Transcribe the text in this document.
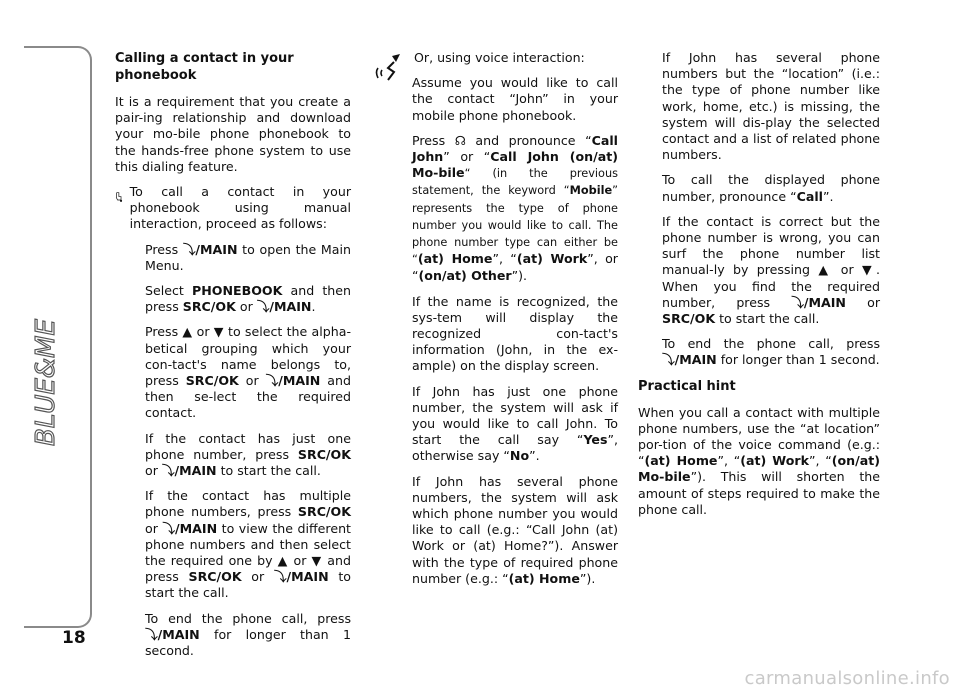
BLUE&ME
18
Calling a contact in your phonebook

It is a requirement that you create a pair-ing relationship and download your mo-bile phone phonebook to the hands-free phone system to use this dialing feature.

To call a contact in your phonebook using manual interaction, proceed as follows:

Press ⤵/MAIN to open the Main Menu.

Select PHONEBOOK and then press SRC/OK or ⤵/MAIN.

Press ▲ or ▼ to select the alpha-betical grouping which your con-tact's name belongs to, press SRC/OK or ⤵/MAIN and then se-lect the required contact.

If the contact has just one phone number, press SRC/OK or ⤵/MAIN to start the call.

If the contact has multiple phone numbers, press SRC/OK or ⤵/MAIN to view the different phone numbers and then select the required one by ▲ or ▼ and press SRC/OK or ⤵/MAIN to start the call.

To end the phone call, press ⤵/MAIN for longer than 1 second.

Or, using voice interaction:

Assume you would like to call the contact “John” in your mobile phone phonebook.

Press ☊ and pronounce “Call John” or “Call John (on/at) Mo-bile“ (in the previous statement, the keyword “Mobile” represents the type of phone number you would like to call. The phone number type can either be “(at) Home”, “(at) Work”, or “(on/at) Other”).

If the name is recognized, the sys-tem will display the recognized con-tact's information (John, in the ex-ample) on the display screen.

If John has just one phone number, the system will ask if you would like to call John. To start the call say “Yes”, otherwise say “No”.

If John has several phone numbers, the system will ask which phone number you would like to call (e.g.: “Call John (at) Work or (at) Home?”). Answer with the type of required phone number (e.g.: “(at) Home”).

If John has several phone numbers but the “location” (i.e.: the type of phone number like work, home, etc.) is missing, the system will dis-play the selected contact and a list of related phone numbers.

To call the displayed phone number, pronounce “Call”.

If the contact is correct but the phone number is wrong, you can surf the phone number list manual-ly by pressing ▲ or ▼. When you find the required number, press ⤵/MAIN or SRC/OK to start the call.

To end the phone call, press ⤵/MAIN for longer than 1 second.

Practical hint

When you call a contact with multiple phone numbers, use the “at location” por-tion of the voice command (e.g.: “(at) Home”, “(at) Work”, “(on/at) Mo-bile”). This will shorten the amount of steps required to make the phone call.

carmanualsonline.info
